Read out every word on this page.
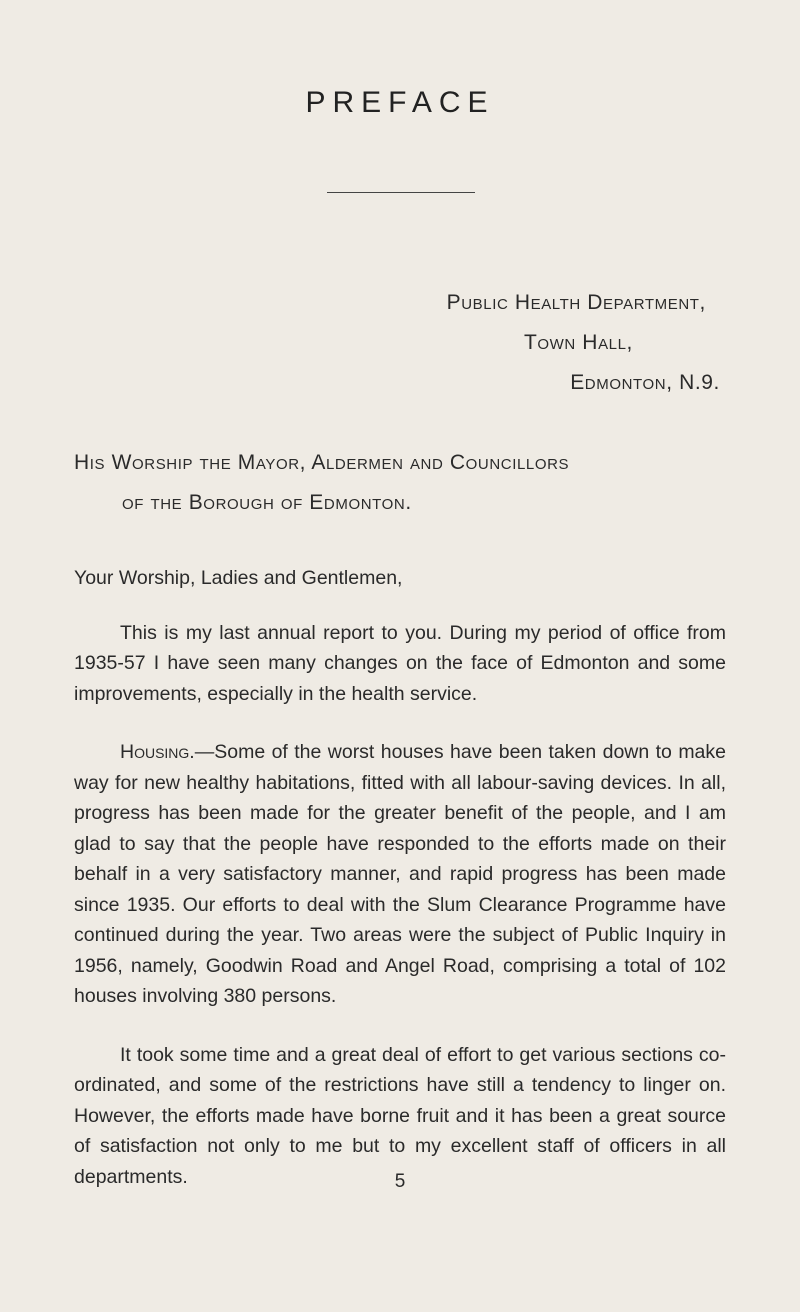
PREFACE
Public Health Department,
Town Hall,
Edmonton, N.9.
His Worship the Mayor, Aldermen and Councillors
of the Borough of Edmonton.

Your Worship, Ladies and Gentlemen,

This is my last annual report to you. During my period of office from 1935-57 I have seen many changes on the face of Edmonton and some improvements, especially in the health service.

Housing.—Some of the worst houses have been taken down to make way for new healthy habitations, fitted with all labour-saving devices. In all, progress has been made for the greater benefit of the people, and I am glad to say that the people have responded to the efforts made on their behalf in a very satisfactory manner, and rapid progress has been made since 1935. Our efforts to deal with the Slum Clearance Programme have continued during the year. Two areas were the subject of Public Inquiry in 1956, namely, Goodwin Road and Angel Road, comprising a total of 102 houses involving 380 persons.

It took some time and a great deal of effort to get various sections co-ordinated, and some of the restrictions have still a tendency to linger on. However, the efforts made have borne fruit and it has been a great source of satisfaction not only to me but to my excellent staff of officers in all departments.	5
